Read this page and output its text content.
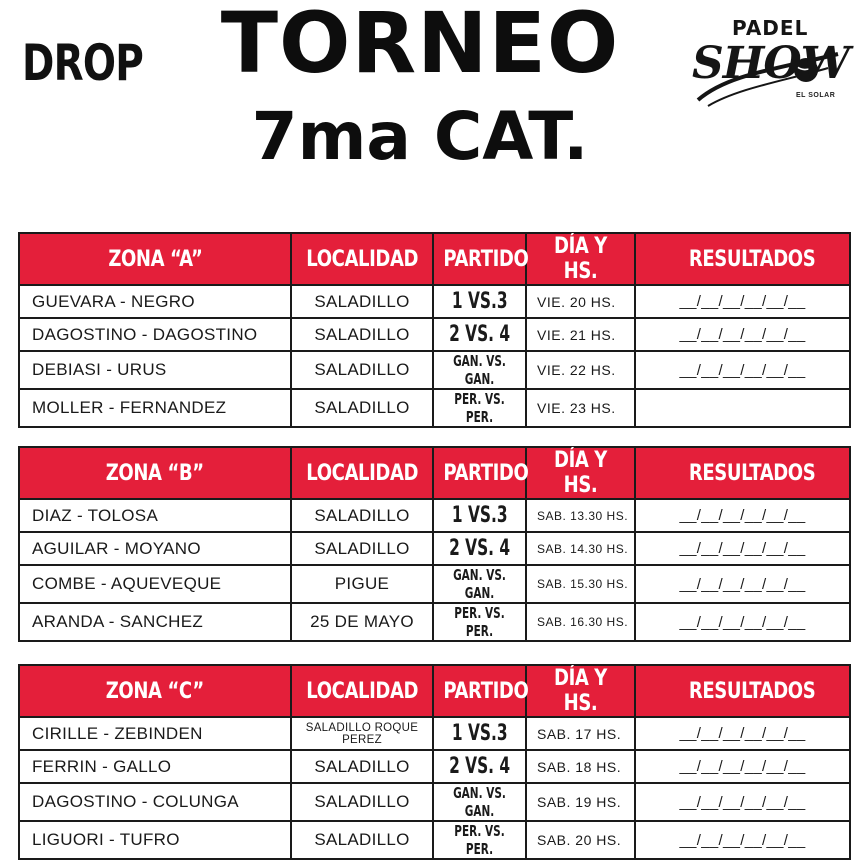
DROP TORNEO
7ma CAT.
PADEL
SHOW
EL SOLAR
ZONA “A”	LOCALIDAD	PARTIDO	DÍA Y HS.	RESULTADOS
GUEVARA - NEGRO	SALADILLO	1 VS.3	VIE. 20 HS.	__/__/__/__/__/__
DAGOSTINO - DAGOSTINO	SALADILLO	2 VS. 4	VIE. 21 HS.	__/__/__/__/__/__
DEBIASI - URUS	SALADILLO	GAN. VS. GAN.	VIE. 22 HS.	__/__/__/__/__/__
MOLLER - FERNANDEZ	SALADILLO	PER. VS. PER.	VIE. 23 HS.	
ZONA “B”	LOCALIDAD	PARTIDO	DÍA Y HS.	RESULTADOS
DIAZ - TOLOSA	SALADILLO	1 VS.3	SAB. 13.30 HS.	__/__/__/__/__/__
AGUILAR - MOYANO	SALADILLO	2 VS. 4	SAB. 14.30 HS.	__/__/__/__/__/__
COMBE - AQUEVEQUE	PIGUE	GAN. VS. GAN.	SAB. 15.30 HS.	__/__/__/__/__/__
ARANDA - SANCHEZ	25 DE MAYO	PER. VS. PER.	SAB. 16.30 HS.	__/__/__/__/__/__
ZONA “C”	LOCALIDAD	PARTIDO	DÍA Y HS.	RESULTADOS
CIRILLE - ZEBINDEN	SALADILLO ROQUE PEREZ	1 VS.3	SAB. 17 HS.	__/__/__/__/__/__
FERRIN - GALLO	SALADILLO	2 VS. 4	SAB. 18 HS.	__/__/__/__/__/__
DAGOSTINO - COLUNGA	SALADILLO	GAN. VS. GAN.	SAB. 19 HS.	__/__/__/__/__/__
LIGUORI - TUFRO	SALADILLO	PER. VS. PER.	SAB. 20 HS.	__/__/__/__/__/__
